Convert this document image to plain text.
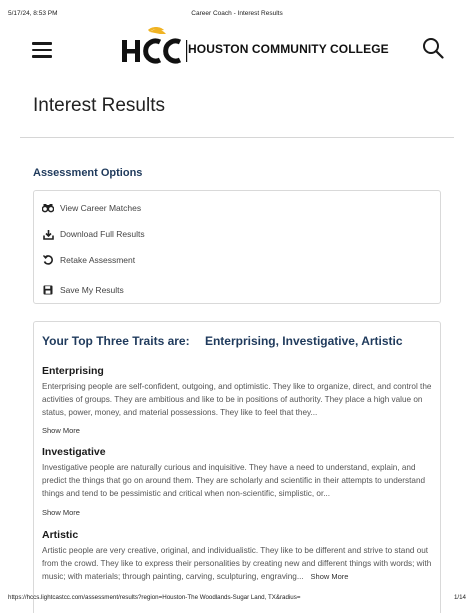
5/17/24, 8:53 PM	Career Coach - Interest Results
HOUSTON COMMUNITY COLLEGE
Interest Results
Assessment Options
View Career Matches
Download Full Results
Retake Assessment
Save My Results
Your Top Three Traits are: Enterprising, Investigative, Artistic
Enterprising

Enterprising people are self-confident, outgoing, and optimistic. They like to organize, direct, and control the activities of groups. They are ambitious and like to be in positions of authority. They place a high value on status, power, money, and material possessions. They like to feel that they...

Show More
Investigative

Investigative people are naturally curious and inquisitive. They have a need to understand, explain, and predict the things that go on around them. They are scholarly and scientific in their attempts to understand things and tend to be pessimistic and critical when non-scientific, simplistic, or...

Show More
Artistic

Artistic people are very creative, original, and individualistic. They like to be different and strive to stand out from the crowd. They like to express their personalities by creating new and different things with words; with music; with materials; through painting, carving, sculpturing, engraving... Show More

https://hccs.lightcastcc.com/assessment/results?region=Houston-The Woodlands-Sugar Land, TX&radius=	1/14
